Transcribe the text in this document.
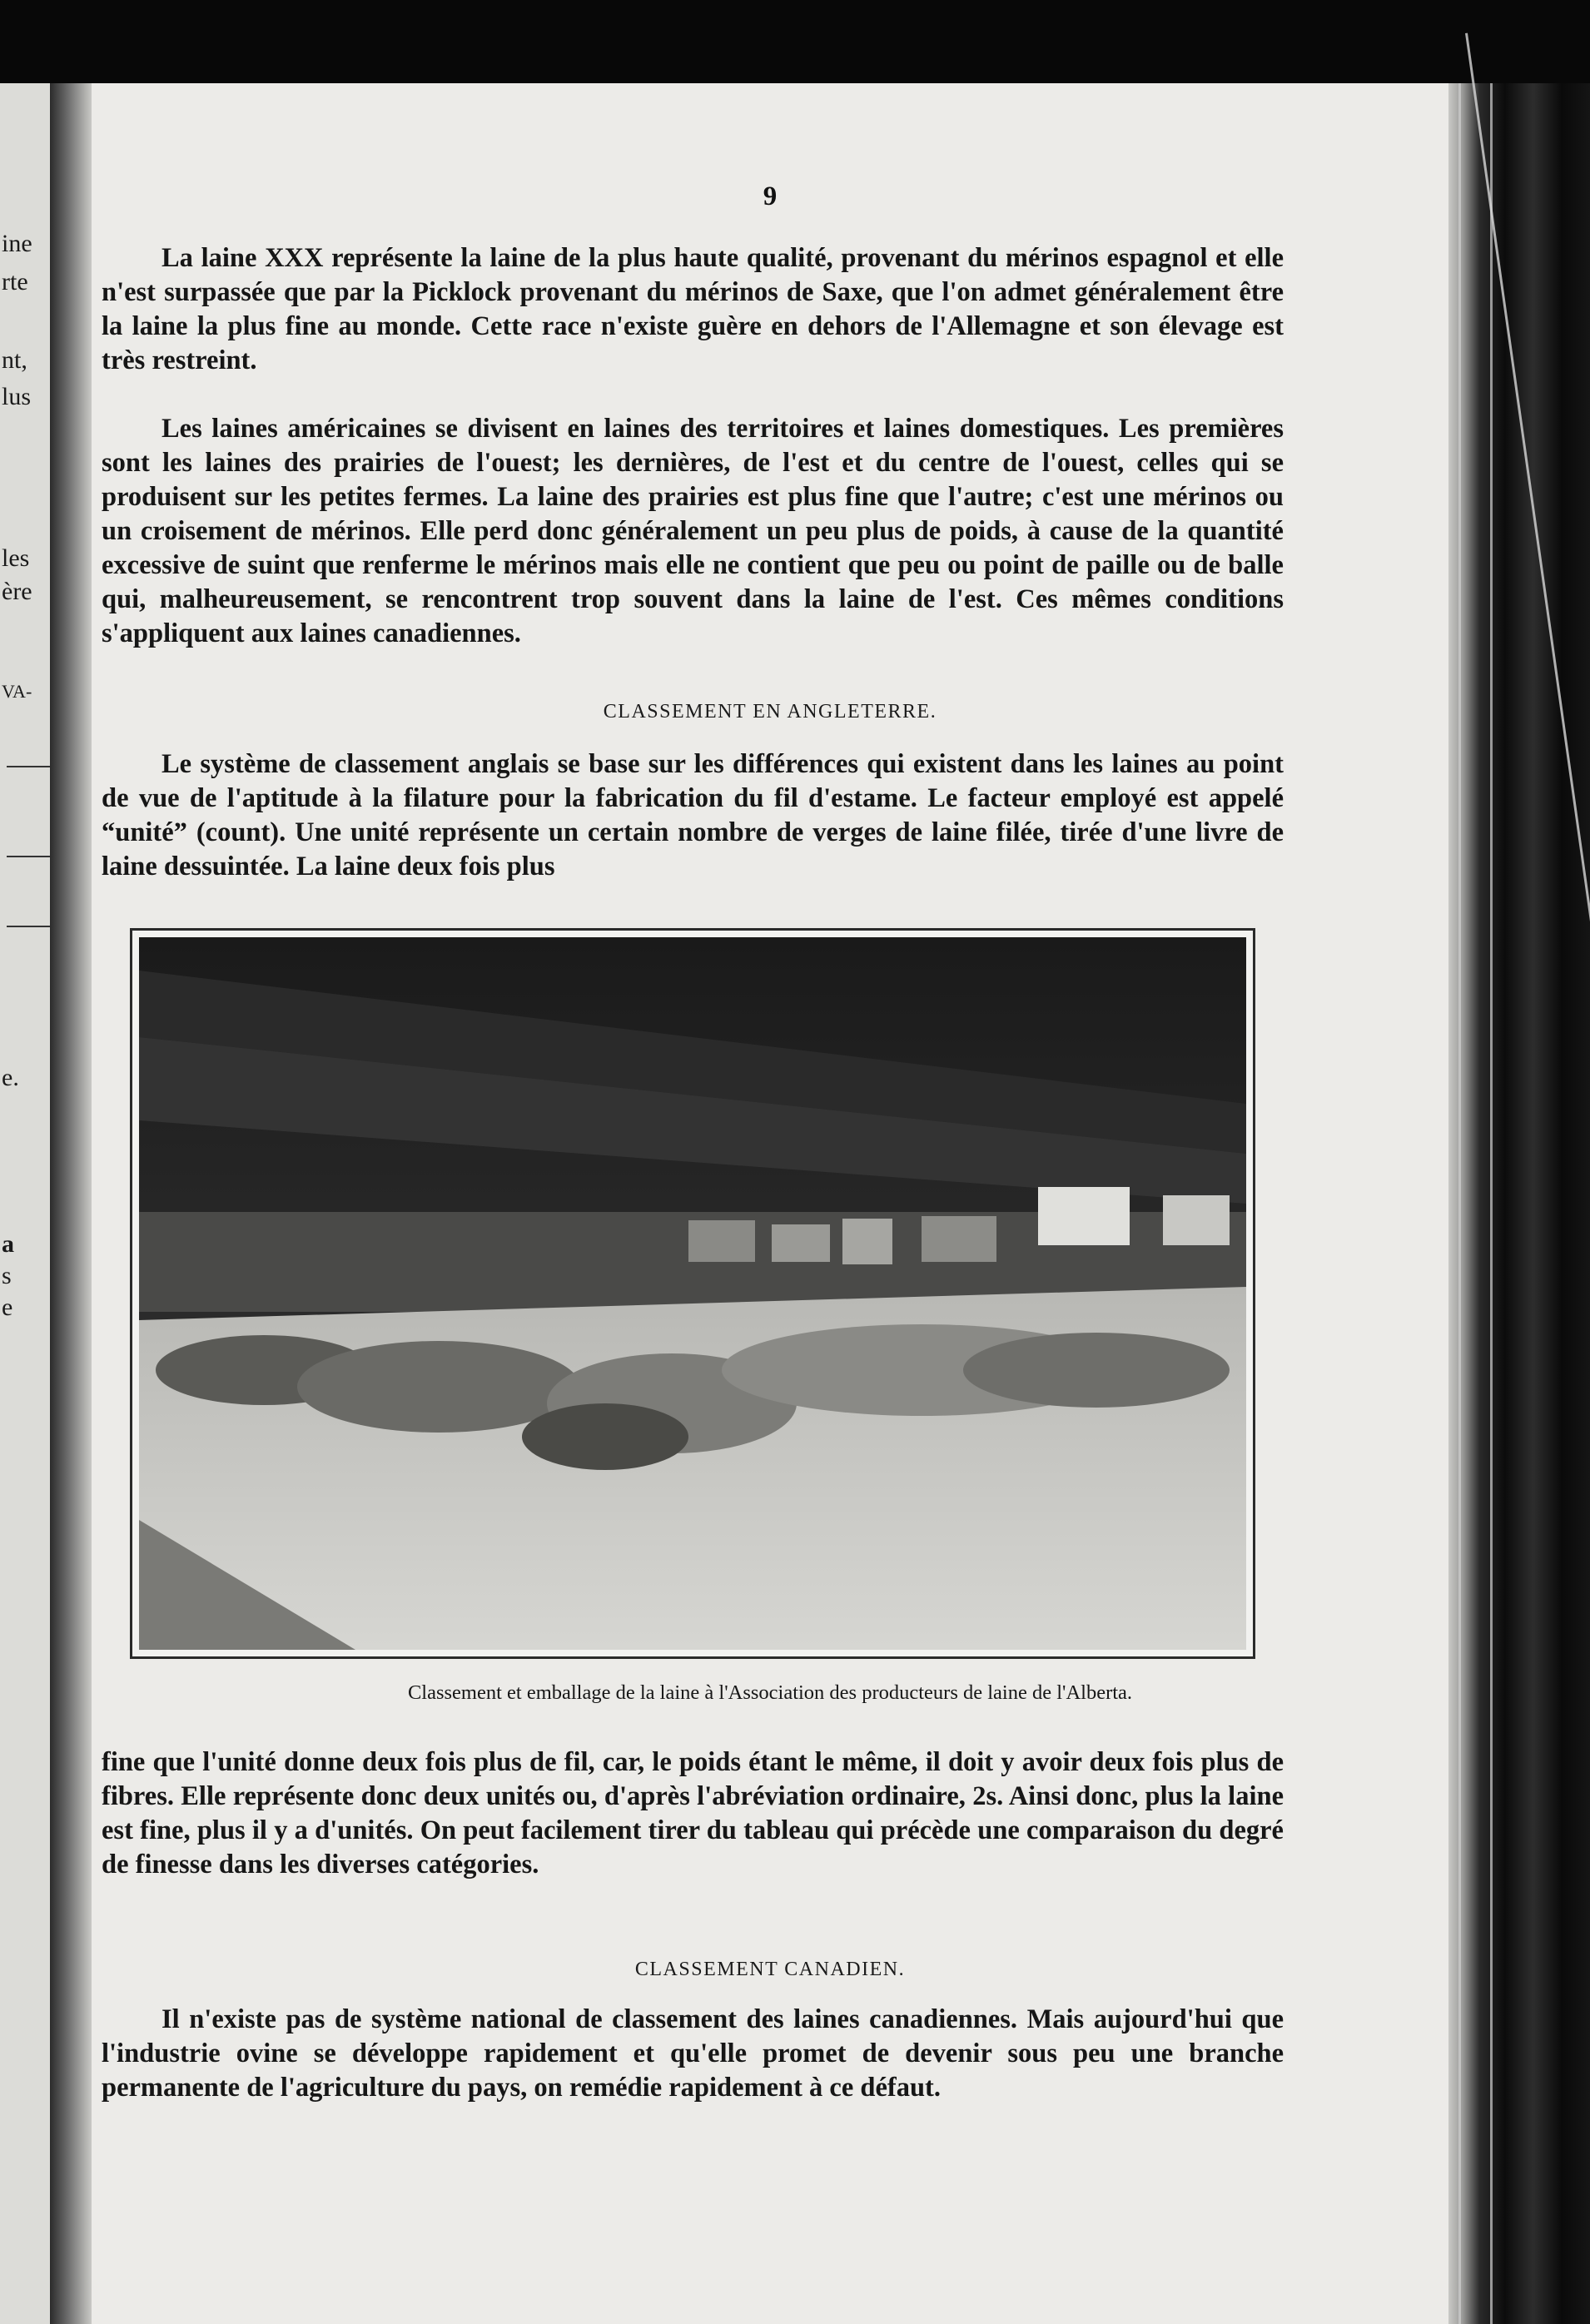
ine
rte
nt,
lus
les
ère
VA-
e.
a
s
e
9

La laine XXX représente la laine de la plus haute qualité, provenant du mérinos espagnol et elle n'est surpassée que par la Picklock provenant du mérinos de Saxe, que l'on admet généralement être la laine la plus fine au monde. Cette race n'existe guère en dehors de l'Allemagne et son élevage est très restreint.

Les laines américaines se divisent en laines des territoires et laines domestiques. Les premières sont les laines des prairies de l'ouest; les dernières, de l'est et du centre de l'ouest, celles qui se produisent sur les petites fermes. La laine des prairies est plus fine que l'autre; c'est une mérinos ou un croisement de mérinos. Elle perd donc généralement un peu plus de poids, à cause de la quantité excessive de suint que renferme le mérinos mais elle ne contient que peu ou point de paille ou de balle qui, malheureusement, se rencontrent trop souvent dans la laine de l'est. Ces mêmes conditions s'appliquent aux laines canadiennes.

CLASSEMENT EN ANGLETERRE.

Le système de classement anglais se base sur les différences qui existent dans les laines au point de vue de l'aptitude à la filature pour la fabrication du fil d'estame. Le facteur employé est appelé “unité” (count). Une unité représente un certain nombre de verges de laine filée, tirée d'une livre de laine dessuintée. La laine deux fois plus

Classement et emballage de la laine à l'Association des producteurs de laine de l'Alberta.

fine que l'unité donne deux fois plus de fil, car, le poids étant le même, il doit y avoir deux fois plus de fibres. Elle représente donc deux unités ou, d'après l'abréviation ordinaire, 2s. Ainsi donc, plus la laine est fine, plus il y a d'unités. On peut facilement tirer du tableau qui précède une comparaison du degré de finesse dans les diverses catégories.

CLASSEMENT CANADIEN.

Il n'existe pas de système national de classement des laines canadiennes. Mais aujourd'hui que l'industrie ovine se développe rapidement et qu'elle promet de devenir sous peu une branche permanente de l'agriculture du pays, on remédie rapidement à ce défaut.
